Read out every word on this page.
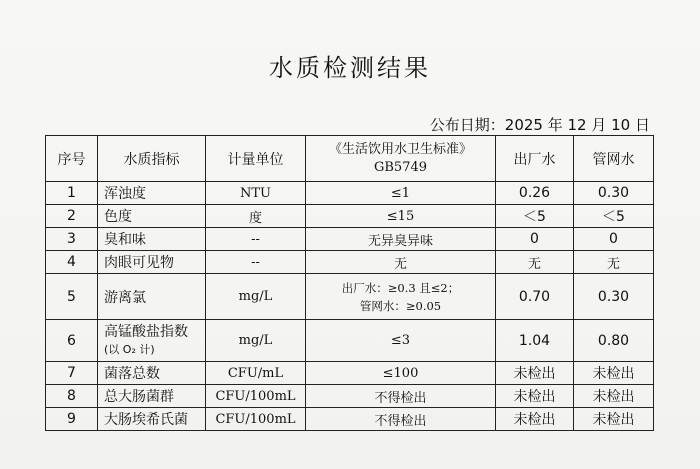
水质检测结果
公布日期：2025 年 12 月 10 日
序号	水质指标	计量单位	《生活饮用水卫生标准》
GB5749	出厂水	管网水
1	浑浊度	NTU	≤1	0.26	0.30
2	色度	度	≤15	＜5	＜5
3	臭和味	--	无异臭异味	0	0
4	肉眼可见物	--	无	无	无
5	游离氯	mg/L	出厂水：≥0.3 且≤2；
管网水：≥0.05	0.70	0.30
6	高锰酸盐指数
(以 O₂ 计)	mg/L	≤3	1.04	0.80
7	菌落总数	CFU/mL	≤100	未检出	未检出
8	总大肠菌群	CFU/100mL	不得检出	未检出	未检出
9	大肠埃希氏菌	CFU/100mL	不得检出	未检出	未检出
